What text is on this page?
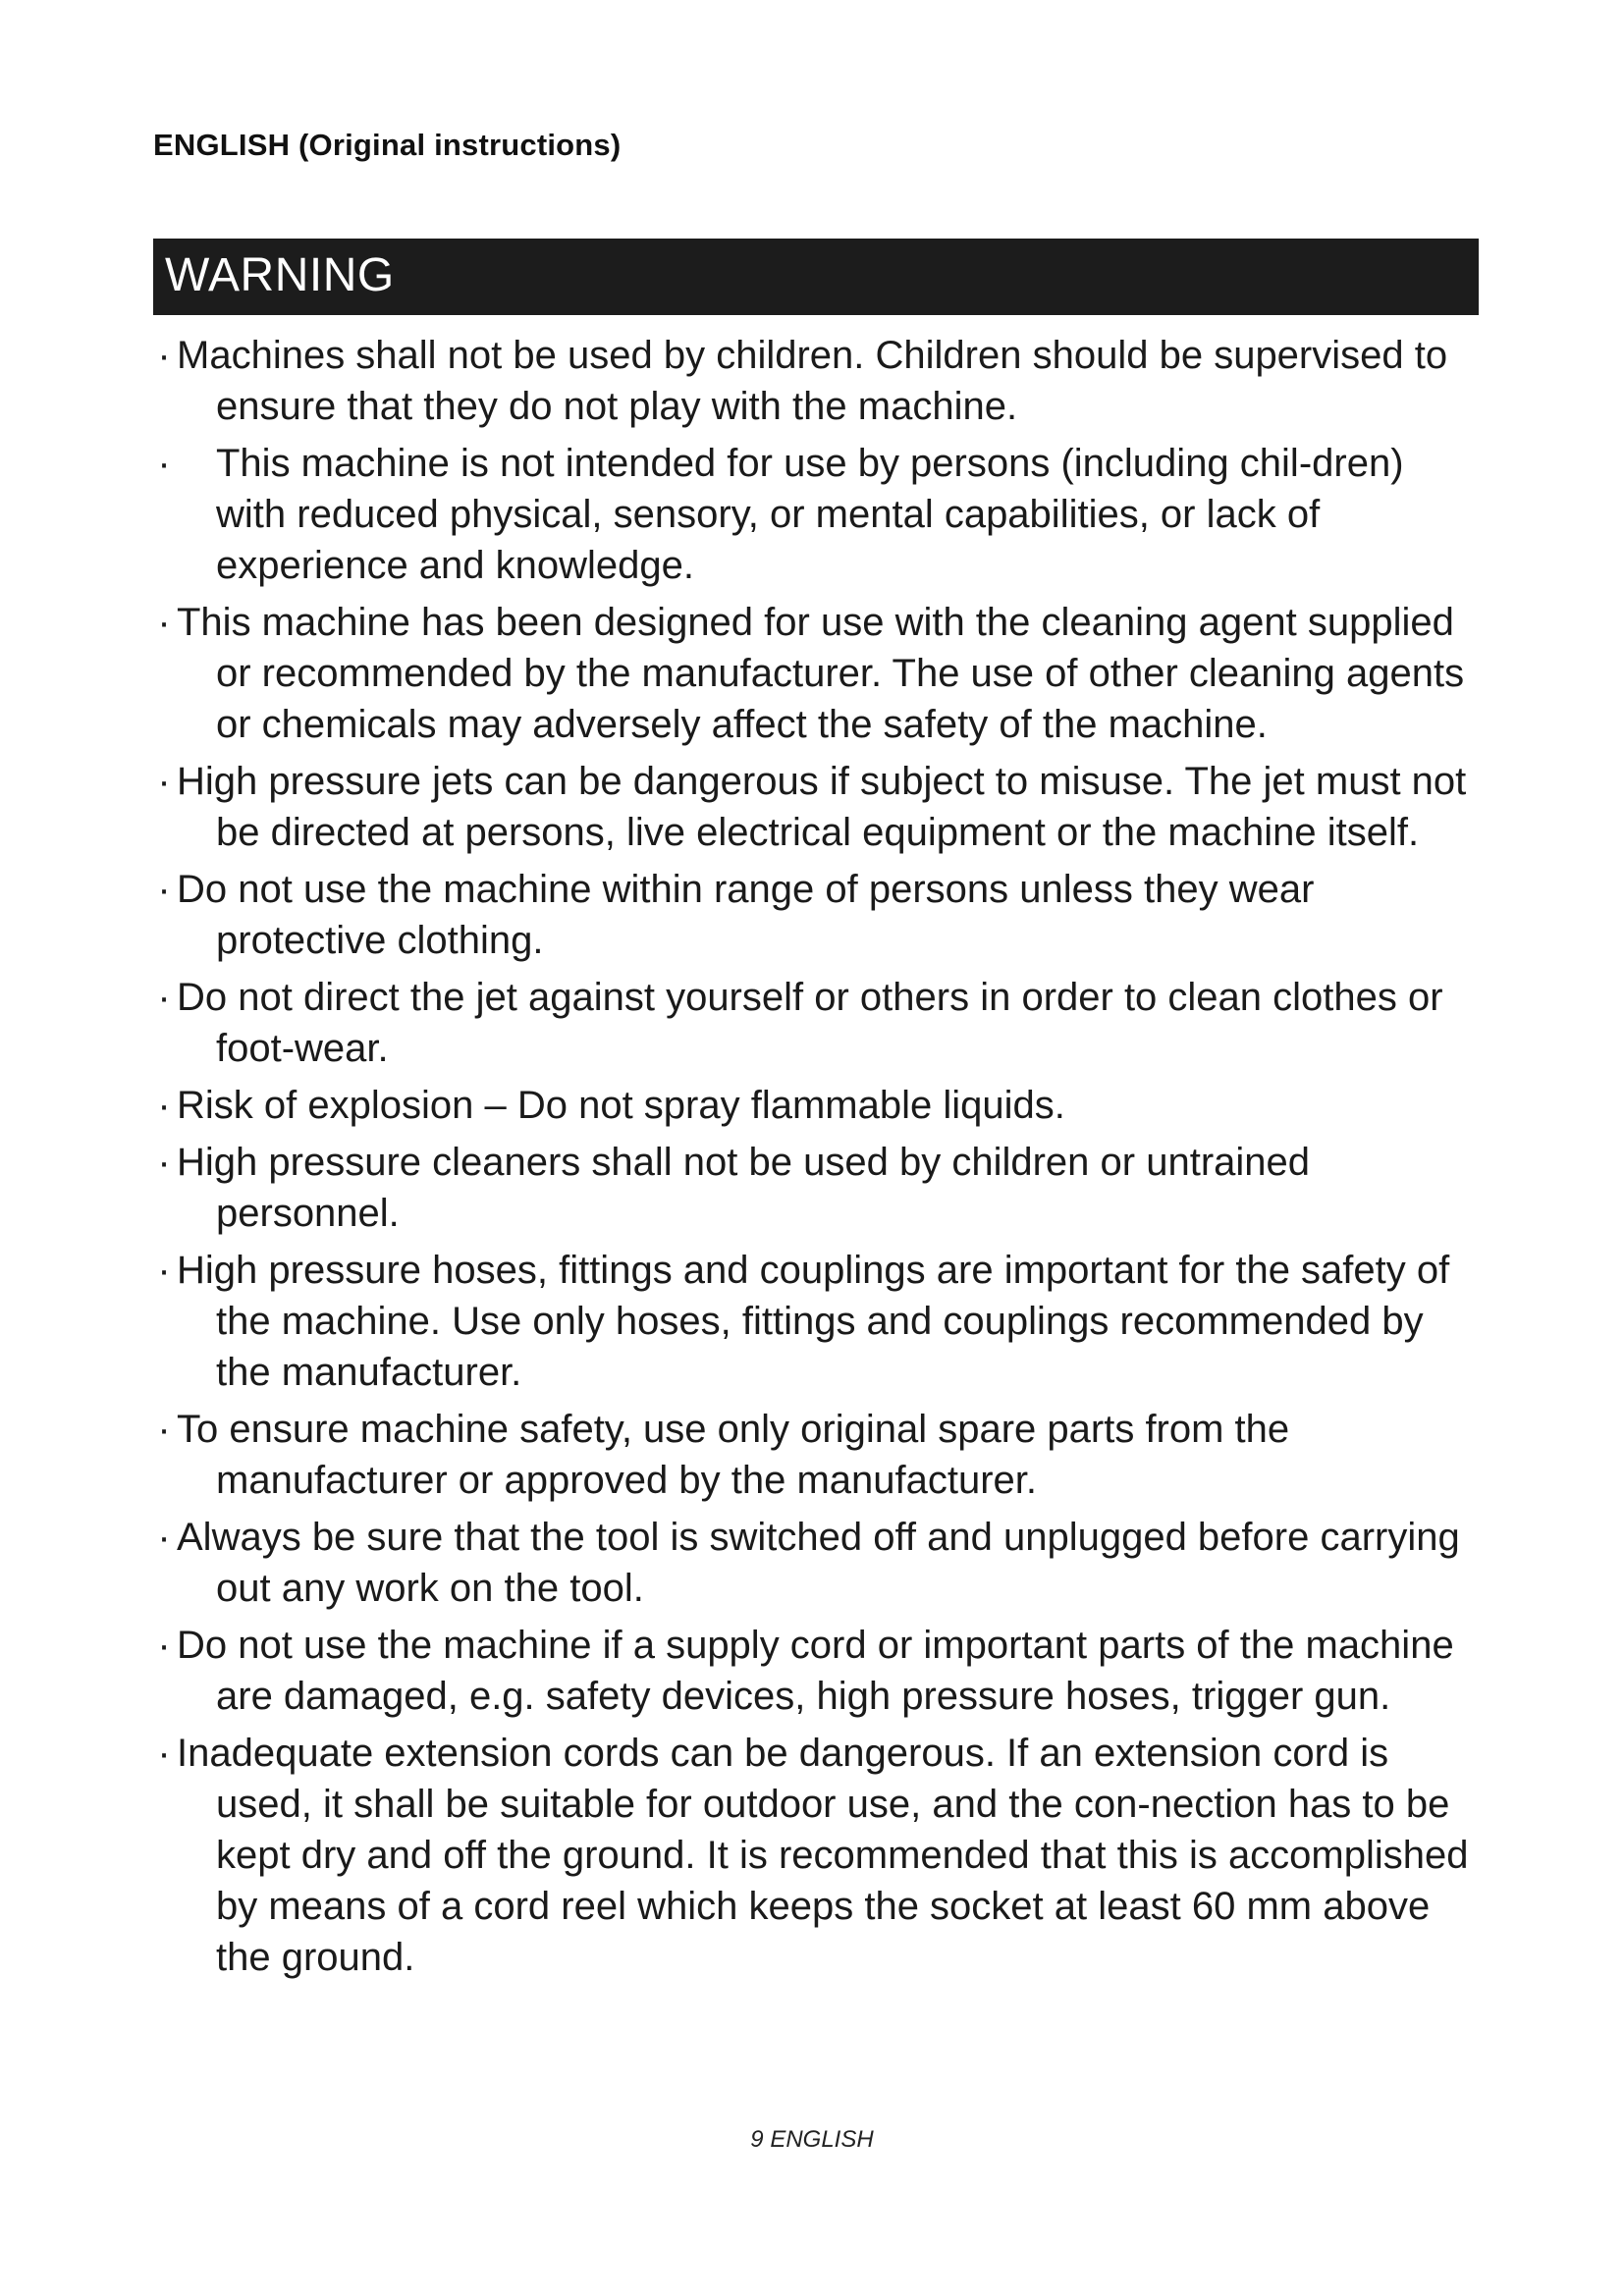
ENGLISH (Original instructions)
WARNING
· Machines shall not be used by children. Children should be supervised to ensure that they do not play with the machine.
· This machine is not intended for use by persons (including chil-dren) with reduced physical, sensory, or mental capabilities, or lack of experience and knowledge.
· This machine has been designed for use with the cleaning agent supplied or recommended by the manufacturer. The use of other cleaning agents or chemicals may adversely affect the safety of the machine.
· High pressure jets can be dangerous if subject to misuse. The jet must not be directed at persons, live electrical equipment or the machine itself.
· Do not use the machine within range of persons unless they wear protective clothing.
· Do not direct the jet against yourself or others in order to clean clothes or foot-wear.
· Risk of explosion – Do not spray flammable liquids.
· High pressure cleaners shall not be used by children or untrained personnel.
· High pressure hoses, fittings and couplings are important for the safety of the machine. Use only hoses, fittings and couplings recommended by the manufacturer.
· To ensure machine safety, use only original spare parts from the manufacturer or approved by the manufacturer.
· Always be sure that the tool is switched off and unplugged before carrying out any work on the tool.
· Do not use the machine if a supply cord or important parts of the machine are damaged, e.g. safety devices, high pressure hoses, trigger gun.
· Inadequate extension cords can be dangerous. If an extension cord is used, it shall be suitable for outdoor use, and the con-nection has to be kept dry and off the ground. It is recommended that this is accomplished by means of a cord reel which keeps the socket at least 60 mm above the ground.
9 ENGLISH
